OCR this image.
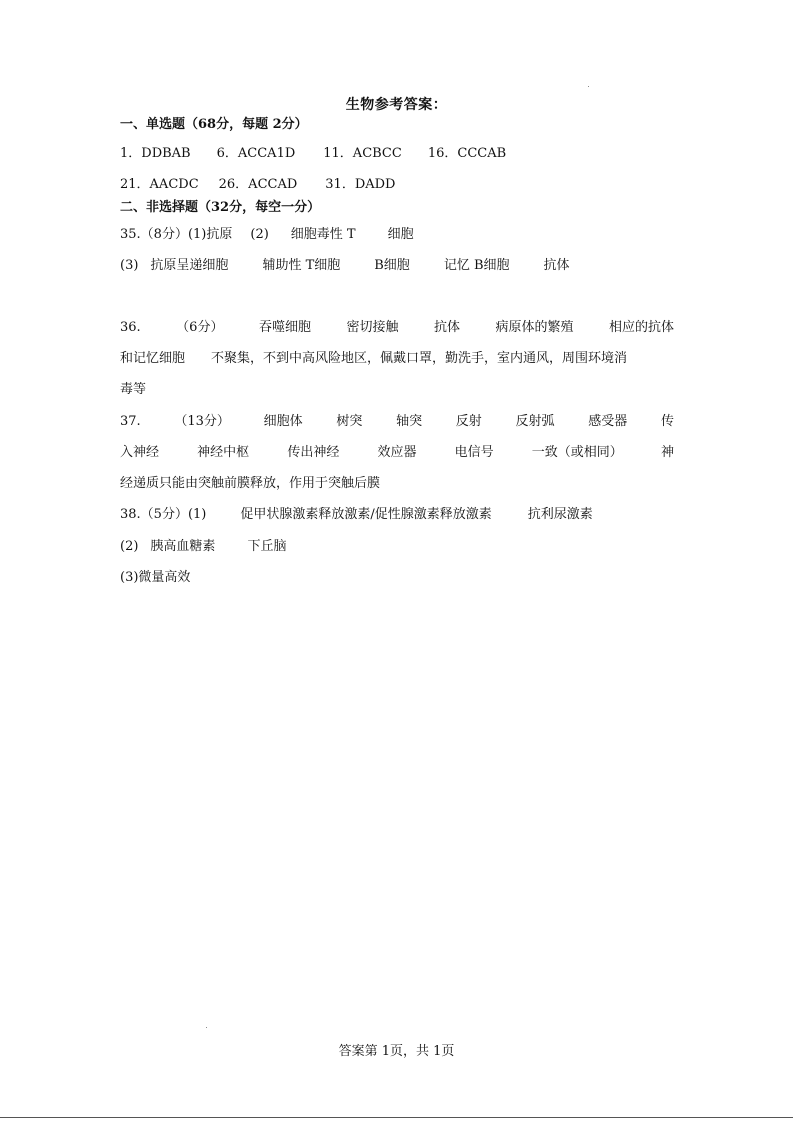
生物参考答案：
一、单选题（68分，每题 2分）
1．DDBAB 6．ACCA1D 11．ACBCC 16．CCCAB
21．AACDC 26．ACCAD 31．DADD
二、非选择题（32分，每空一分）
35.（8分）(1)抗原 (2) 细胞毒性 T 细胞
(3) 抗原呈递细胞	辅助性 T细胞	B细胞	记忆 B细胞	抗体
36.	（6分）	吞噬细胞	密切接触	抗体	病原体的繁殖	相应的抗体
和记忆细胞 不聚集，不到中高风险地区，佩戴口罩，勤洗手，室内通风，周围环境消
毒等
37.	（13分）	细胞体	树突	轴突	反射	反射弧	感受器	传
入神经	神经中枢	传出神经	效应器	电信号	一致（或相同）	神
经递质只能由突触前膜释放，作用于突触后膜
38.（5分）(1)	促甲状腺激素释放激素/促性腺激素释放激素	抗利尿激素
(2) 胰高血糖素 下丘脑
(3)微量高效
答案第 1页，共 1页
